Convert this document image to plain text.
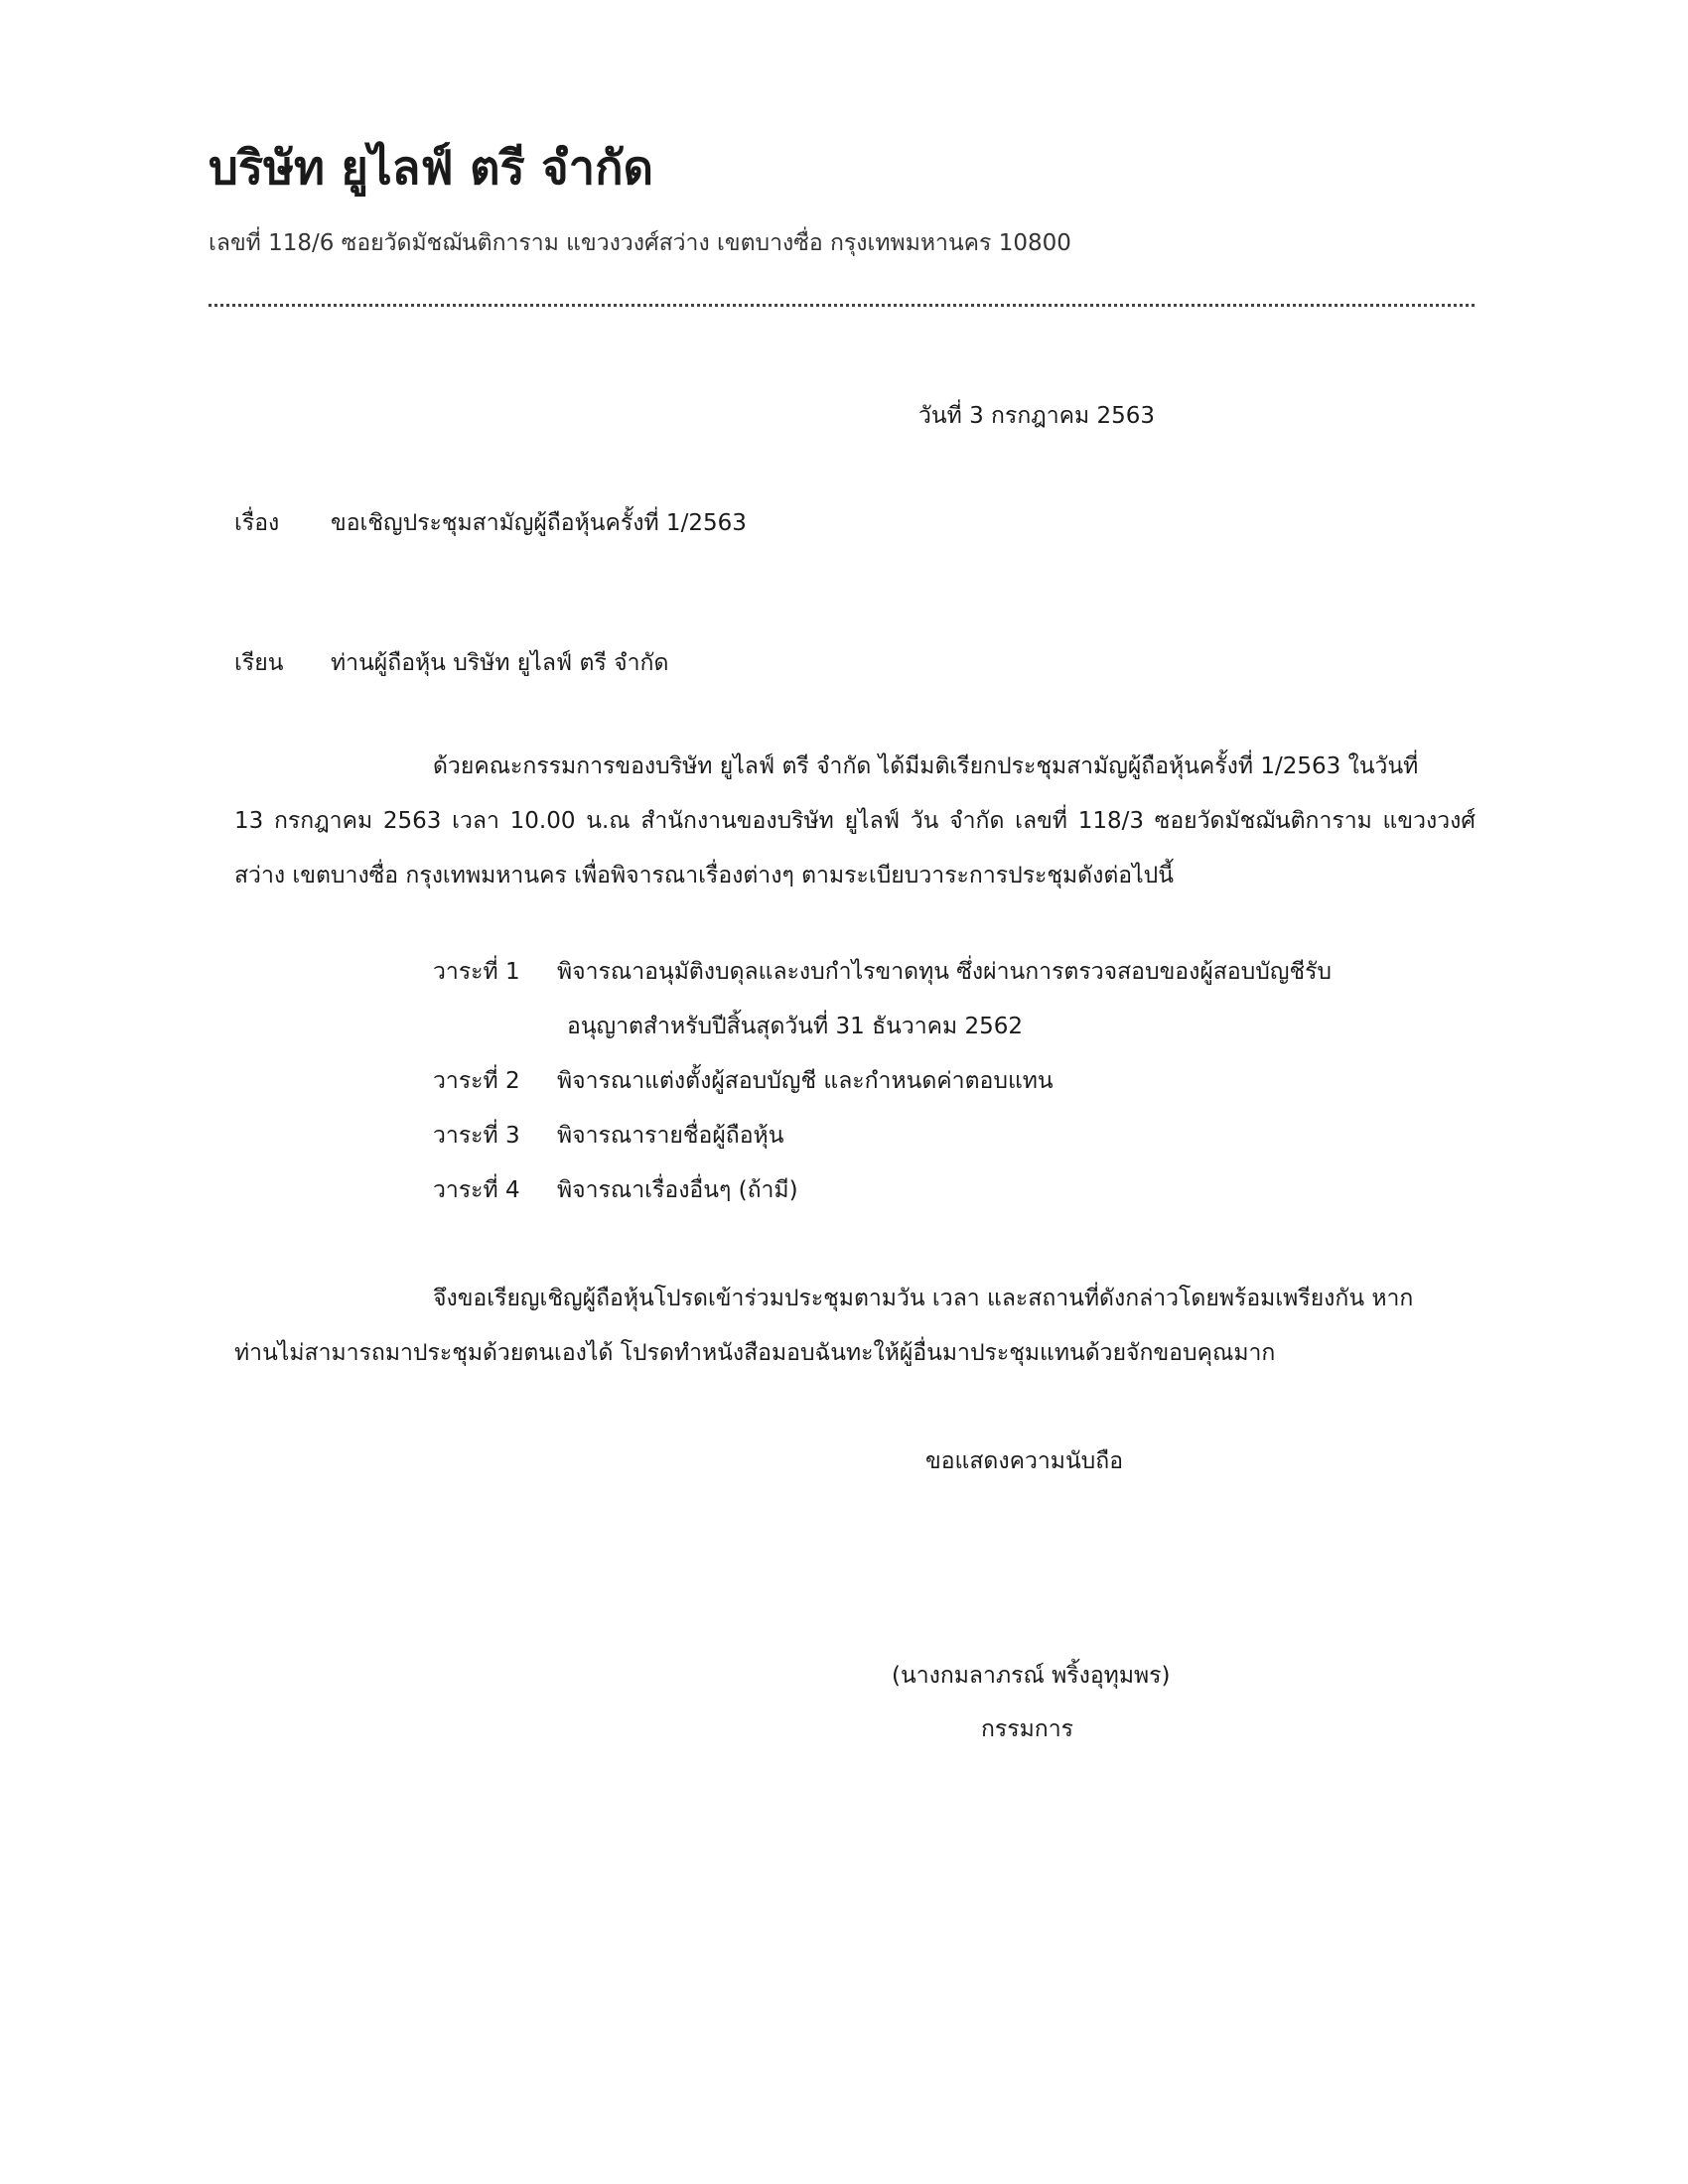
บริษัท ยูไลฟ์ ตรี จำกัด
เลขที่ 118/6 ซอยวัดมัชฌันติการาม แขวงวงศ์สว่าง เขตบางซื่อ กรุงเทพมหานคร 10800
วันที่ 3 กรกฎาคม 2563
เรื่อง ขอเชิญประชุมสามัญผู้ถือหุ้นครั้งที่ 1/2563
เรียน ท่านผู้ถือหุ้น บริษัท ยูไลฟ์ ตรี จำกัด
ด้วยคณะกรรมการของบริษัท ยูไลฟ์ ตรี จำกัด ได้มีมติเรียกประชุมสามัญผู้ถือหุ้นครั้งที่ 1/2563 ในวันที่
13 กรกฎาคม 2563 เวลา 10.00 น.ณ สำนักงานของบริษัท ยูไลฟ์ วัน จำกัด เลขที่ 118/3 ซอยวัดมัชฌันติการาม แขวงวงศ์
สว่าง เขตบางซื่อ กรุงเทพมหานคร เพื่อพิจารณาเรื่องต่างๆ ตามระเบียบวาระการประชุมดังต่อไปนี้
วาระที่ 1 พิจารณาอนุมัติงบดุลและงบกำไรขาดทุน ซึ่งผ่านการตรวจสอบของผู้สอบบัญชีรับ
อนุญาตสำหรับปีสิ้นสุดวันที่ 31 ธันวาคม 2562
วาระที่ 2 พิจารณาแต่งตั้งผู้สอบบัญชี และกำหนดค่าตอบแทน
วาระที่ 3 พิจารณารายชื่อผู้ถือหุ้น
วาระที่ 4 พิจารณาเรื่องอื่นๆ (ถ้ามี)
จึงขอเรียญเชิญผู้ถือหุ้นโปรดเข้าร่วมประชุมตามวัน เวลา และสถานที่ดังกล่าวโดยพร้อมเพรียงกัน หาก
ท่านไม่สามารถมาประชุมด้วยตนเองได้ โปรดทำหนังสือมอบฉันทะให้ผู้อื่นมาประชุมแทนด้วยจักขอบคุณมาก
ขอแสดงความนับถือ
(นางกมลาภรณ์ พริ้งอุทุมพร)
กรรมการ
